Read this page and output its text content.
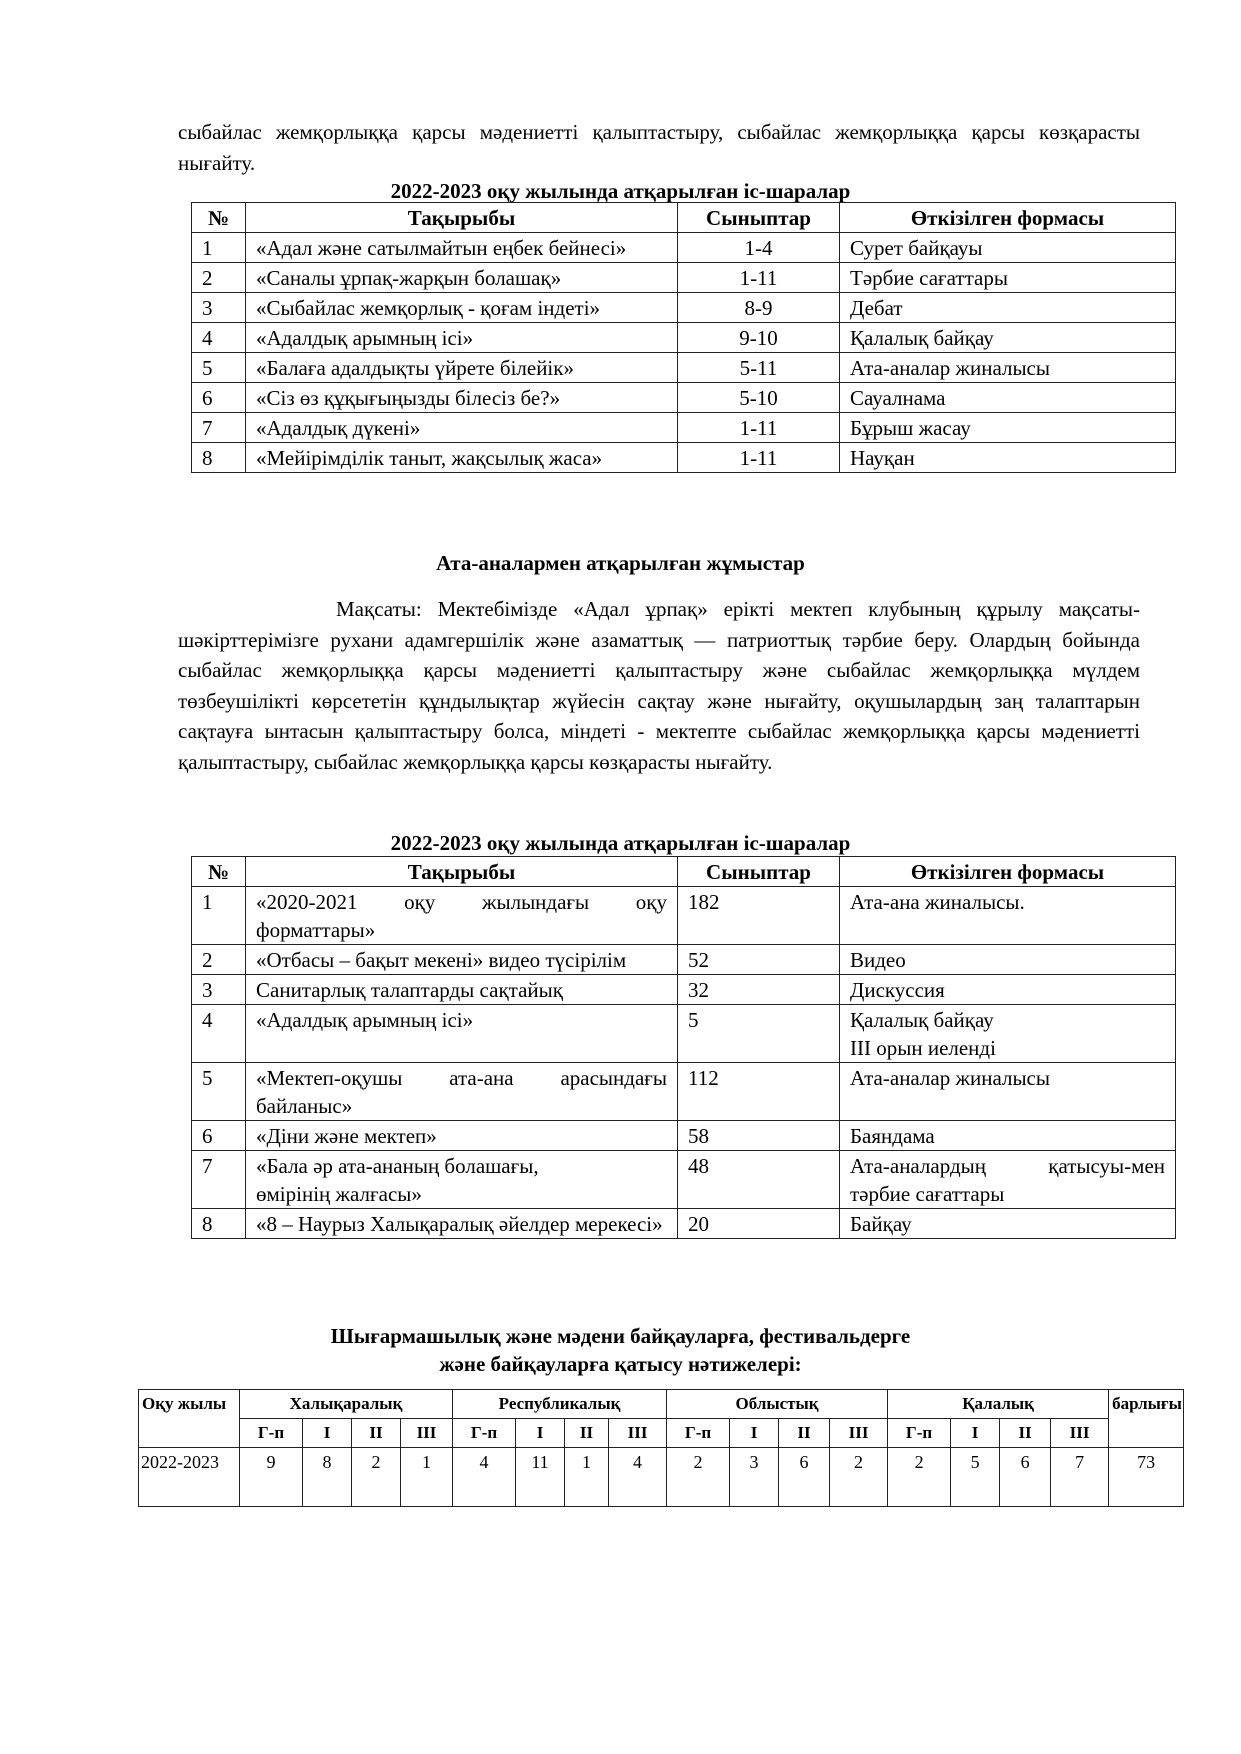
сыбайлас жемқорлыққа қарсы мәдениетті қалыптастыру, сыбайлас жемқорлыққа қарсы көзқарасты нығайту.

2022-2023 оқу жылында атқарылған іс-шаралар

№	Тақырыбы	Сыныптар	Өткізілген формасы
1	«Адал және сатылмайтын еңбек бейнесі»	1-4	Сурет байқауы
2	«Саналы ұрпақ-жарқын болашақ»	1-11	Тәрбие сағаттары
3	«Сыбайлас жемқорлық - қоғам індеті»	8-9	Дебат
4	«Адалдық арымның ісі»	9-10	Қалалық байқау
5	«Балаға адалдықты үйрете білейік»	5-11	Ата-аналар жиналысы
6	«Сіз өз құқығыңызды білесіз бе?»	5-10	Сауалнама
7	«Адалдық дүкені»	1-11	Бұрыш жасау
8	«Мейірімділік таныт, жақсылық жаса»	1-11	Науқан

Ата-аналармен атқарылған жұмыстар

Мақсаты: Мектебімізде «Адал ұрпақ» ерікті мектеп клубының құрылу мақсаты-шәкірттерімізге рухани адамгершілік және азаматтық — патриоттық тәрбие беру. Олардың бойында сыбайлас жемқорлыққа қарсы мәдениетті қалыптастыру және сыбайлас жемқорлыққа мүлдем төзбеушілікті көрсететін құндылықтар жүйесін сақтау және нығайту, оқушылардың заң талаптарын сақтауға ынтасын қалыптастыру болса, міндеті - мектепте сыбайлас жемқорлыққа қарсы мәдениетті қалыптастыру, сыбайлас жемқорлыққа қарсы көзқарасты нығайту.

2022-2023 оқу жылында атқарылған іс-шаралар

№	Тақырыбы	Сыныптар	Өткізілген формасы
1	«2020-2021 оқу жылындағы оқу форматтары»	182	Ата-ана жиналысы.
2	«Отбасы – бақыт мекені» видео түсірілім	52	Видео
3	Санитарлық талаптарды сақтайық	32	Дискуссия
4	«Адалдық арымның ісі»	5	Қалалық байқау
ІІІ орын иеленді
5	«Мектеп-оқушы ата-ана арасындағы байланыс»	112	Ата-аналар жиналысы
6	«Діни және мектеп»	58	Баяндама
7	«Бала әр ата-ананың болашағы,
өмірінің жалғасы»	48	Ата-аналардың қатысуы-мен тәрбие сағаттары
8	«8 – Наурыз Халықаралық әйелдер мерекесі»	20	Байқау

Шығармашылық және мәдени байқауларға, фестивальдерге

және байқауларға қатысу нәтижелері:

Оқу жылы	Халықаралық				Республикалық				Облыстық				Қалалық				барлығы
	Г-п	І	ІІ	ІІІ	Г-п	І	ІІ	ІІІ	Г-п	І	ІІ	ІІІ	Г-п	І	ІІ	ІІІ	
2022-2023	9	8	2	1	4	11	1	4	2	3	6	2	2	5	6	7	73
